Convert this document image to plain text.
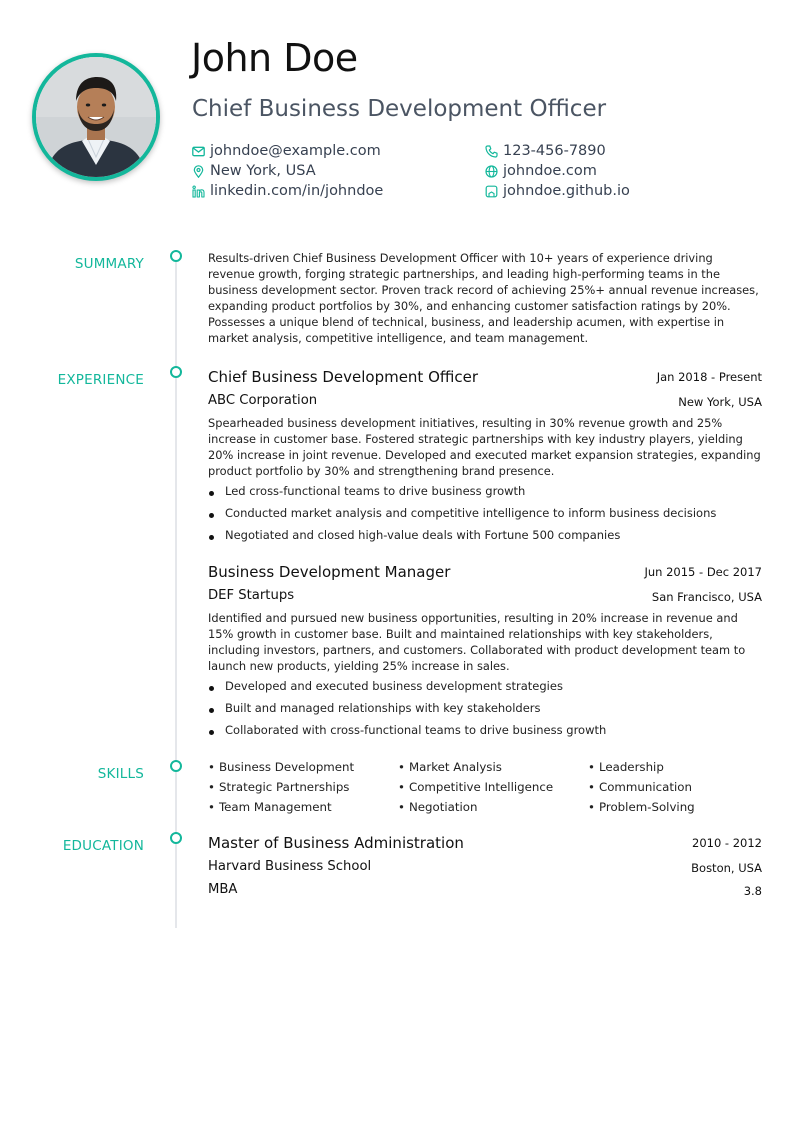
John Doe
Chief Business Development Officer
johndoe@example.com	123-456-7890
New York, USA	johndoe.com
linkedin.com/in/johndoe	johndoe.github.io
SUMMARY	Results-driven Chief Business Development Officer with 10+ years of experience driving revenue growth, forging strategic partnerships, and leading high-performing teams in the business development sector. Proven track record of achieving 25%+ annual revenue increases, expanding product portfolios by 30%, and enhancing customer satisfaction ratings by 20%. Possesses a unique blend of technical, business, and leadership acumen, with expertise in market analysis, competitive intelligence, and team management.
EXPERIENCE	Chief Business Development Officer	Jan 2018 - Present
ABC Corporation	New York, USA
Spearheaded business development initiatives, resulting in 30% revenue growth and 25% increase in customer base. Fostered strategic partnerships with key industry players, yielding 20% increase in joint revenue. Developed and executed market expansion strategies, expanding product portfolio by 30% and strengthening brand presence.
Led cross-functional teams to drive business growth
Conducted market analysis and competitive intelligence to inform business decisions
Negotiated and closed high-value deals with Fortune 500 companies
Business Development Manager	Jun 2015 - Dec 2017
DEF Startups	San Francisco, USA
Identified and pursued new business opportunities, resulting in 20% increase in revenue and 15% growth in customer base. Built and maintained relationships with key stakeholders, including investors, partners, and customers. Collaborated with product development team to launch new products, yielding 25% increase in sales.
Developed and executed business development strategies
Built and managed relationships with key stakeholders
Collaborated with cross-functional teams to drive business growth
SKILLS	• Business Development	• Market Analysis	• Leadership
• Strategic Partnerships	• Competitive Intelligence	• Communication
• Team Management	• Negotiation	• Problem-Solving
EDUCATION	Master of Business Administration	2010 - 2012
Harvard Business School	Boston, USA
MBA	3.8
